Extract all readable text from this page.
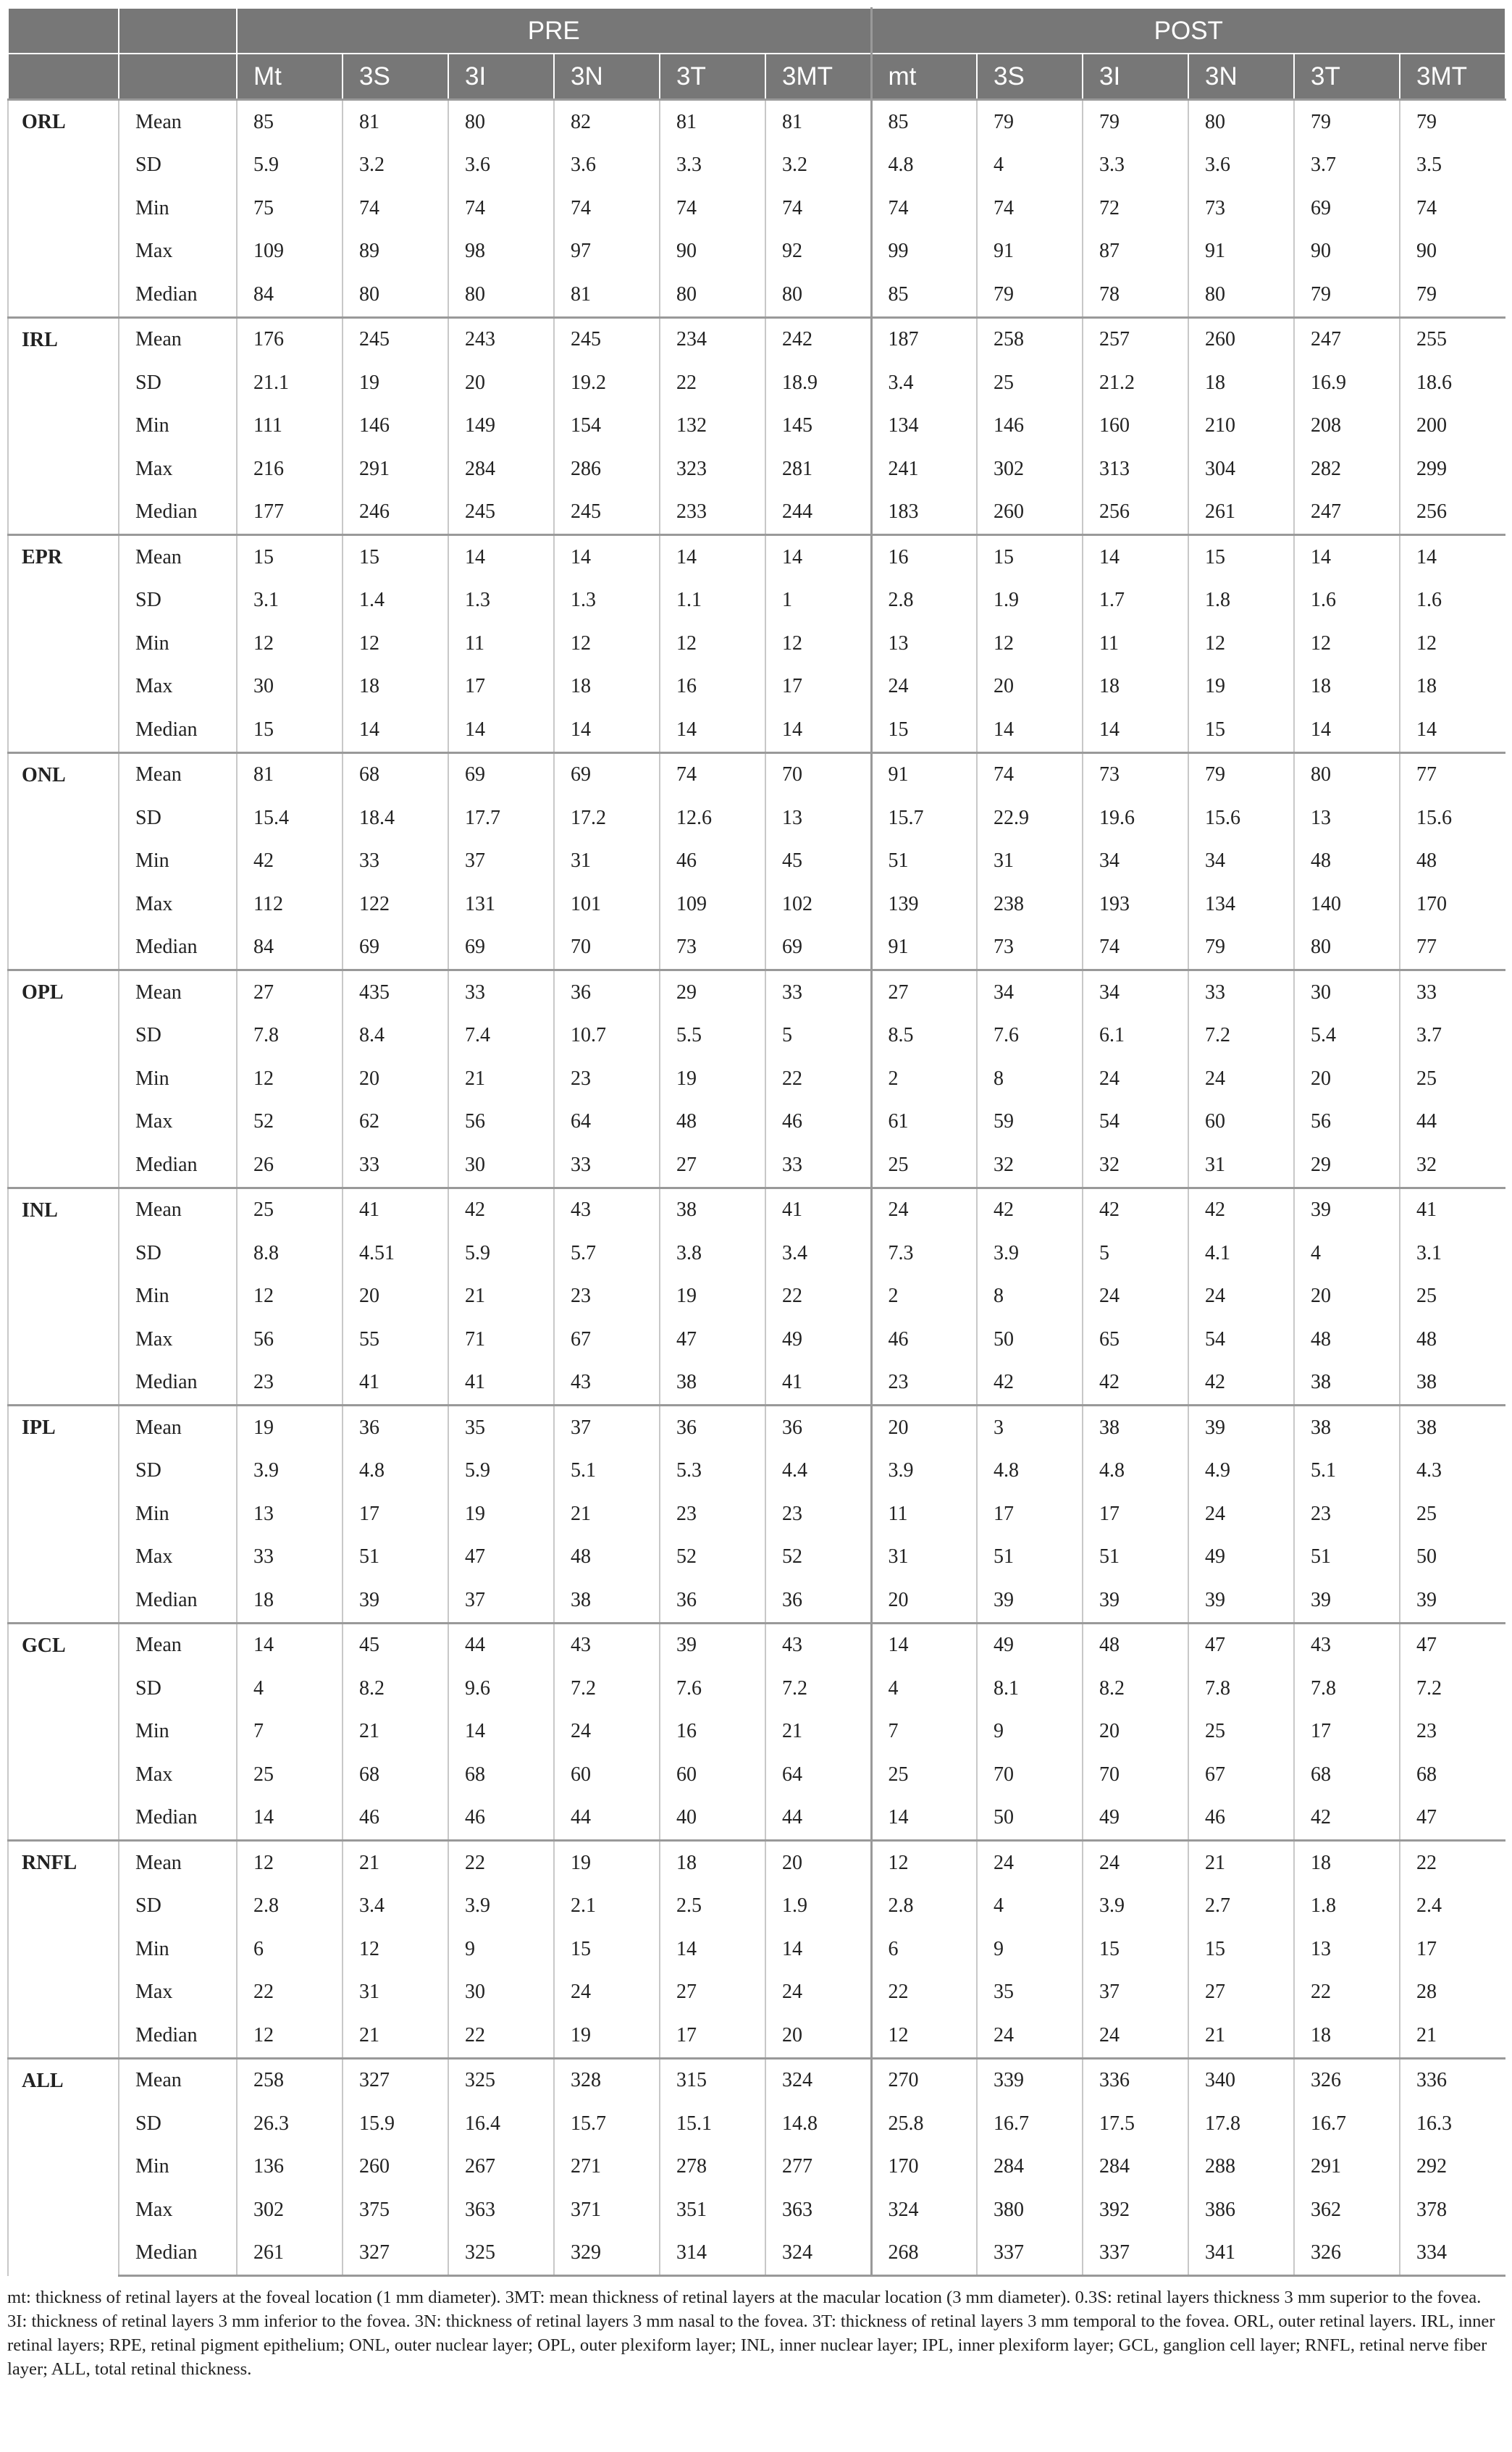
		PRE						POST					
		Mt	3S	3I	3N	3T	3MT	mt	3S	3I	3N	3T	3MT
ORL	Mean	85	81	80	82	81	81	85	79	79	80	79	79
	SD	5.9	3.2	3.6	3.6	3.3	3.2	4.8	4	3.3	3.6	3.7	3.5
	Min	75	74	74	74	74	74	74	74	72	73	69	74
	Max	109	89	98	97	90	92	99	91	87	91	90	90
	Median	84	80	80	81	80	80	85	79	78	80	79	79
IRL	Mean	176	245	243	245	234	242	187	258	257	260	247	255
	SD	21.1	19	20	19.2	22	18.9	3.4	25	21.2	18	16.9	18.6
	Min	111	146	149	154	132	145	134	146	160	210	208	200
	Max	216	291	284	286	323	281	241	302	313	304	282	299
	Median	177	246	245	245	233	244	183	260	256	261	247	256
EPR	Mean	15	15	14	14	14	14	16	15	14	15	14	14
	SD	3.1	1.4	1.3	1.3	1.1	1	2.8	1.9	1.7	1.8	1.6	1.6
	Min	12	12	11	12	12	12	13	12	11	12	12	12
	Max	30	18	17	18	16	17	24	20	18	19	18	18
	Median	15	14	14	14	14	14	15	14	14	15	14	14
ONL	Mean	81	68	69	69	74	70	91	74	73	79	80	77
	SD	15.4	18.4	17.7	17.2	12.6	13	15.7	22.9	19.6	15.6	13	15.6
	Min	42	33	37	31	46	45	51	31	34	34	48	48
	Max	112	122	131	101	109	102	139	238	193	134	140	170
	Median	84	69	69	70	73	69	91	73	74	79	80	77
OPL	Mean	27	435	33	36	29	33	27	34	34	33	30	33
	SD	7.8	8.4	7.4	10.7	5.5	5	8.5	7.6	6.1	7.2	5.4	3.7
	Min	12	20	21	23	19	22	2	8	24	24	20	25
	Max	52	62	56	64	48	46	61	59	54	60	56	44
	Median	26	33	30	33	27	33	25	32	32	31	29	32
INL	Mean	25	41	42	43	38	41	24	42	42	42	39	41
	SD	8.8	4.51	5.9	5.7	3.8	3.4	7.3	3.9	5	4.1	4	3.1
	Min	12	20	21	23	19	22	2	8	24	24	20	25
	Max	56	55	71	67	47	49	46	50	65	54	48	48
	Median	23	41	41	43	38	41	23	42	42	42	38	38
IPL	Mean	19	36	35	37	36	36	20	3	38	39	38	38
	SD	3.9	4.8	5.9	5.1	5.3	4.4	3.9	4.8	4.8	4.9	5.1	4.3
	Min	13	17	19	21	23	23	11	17	17	24	23	25
	Max	33	51	47	48	52	52	31	51	51	49	51	50
	Median	18	39	37	38	36	36	20	39	39	39	39	39
GCL	Mean	14	45	44	43	39	43	14	49	48	47	43	47
	SD	4	8.2	9.6	7.2	7.6	7.2	4	8.1	8.2	7.8	7.8	7.2
	Min	7	21	14	24	16	21	7	9	20	25	17	23
	Max	25	68	68	60	60	64	25	70	70	67	68	68
	Median	14	46	46	44	40	44	14	50	49	46	42	47
RNFL	Mean	12	21	22	19	18	20	12	24	24	21	18	22
	SD	2.8	3.4	3.9	2.1	2.5	1.9	2.8	4	3.9	2.7	1.8	2.4
	Min	6	12	9	15	14	14	6	9	15	15	13	17
	Max	22	31	30	24	27	24	22	35	37	27	22	28
	Median	12	21	22	19	17	20	12	24	24	21	18	21
ALL	Mean	258	327	325	328	315	324	270	339	336	340	326	336
	SD	26.3	15.9	16.4	15.7	15.1	14.8	25.8	16.7	17.5	17.8	16.7	16.3
	Min	136	260	267	271	278	277	170	284	284	288	291	292
	Max	302	375	363	371	351	363	324	380	392	386	362	378
	Median	261	327	325	329	314	324	268	337	337	341	326	334
mt: thickness of retinal layers at the foveal location (1 mm diameter). 3MT: mean thickness of retinal layers at the macular location (3 mm diameter). 0.3S: retinal layers thickness 3 mm superior to the fovea. 3I: thickness of retinal layers 3 mm inferior to the fovea. 3N: thickness of retinal layers 3 mm nasal to the fovea. 3T: thickness of retinal layers 3 mm temporal to the fovea. ORL, outer retinal layers. IRL, inner retinal layers; RPE, retinal pigment epithelium; ONL, outer nuclear layer; OPL, outer plexiform layer; INL, inner nuclear layer; IPL, inner plexiform layer; GCL, ganglion cell layer; RNFL, retinal nerve fiber layer; ALL, total retinal thickness.
